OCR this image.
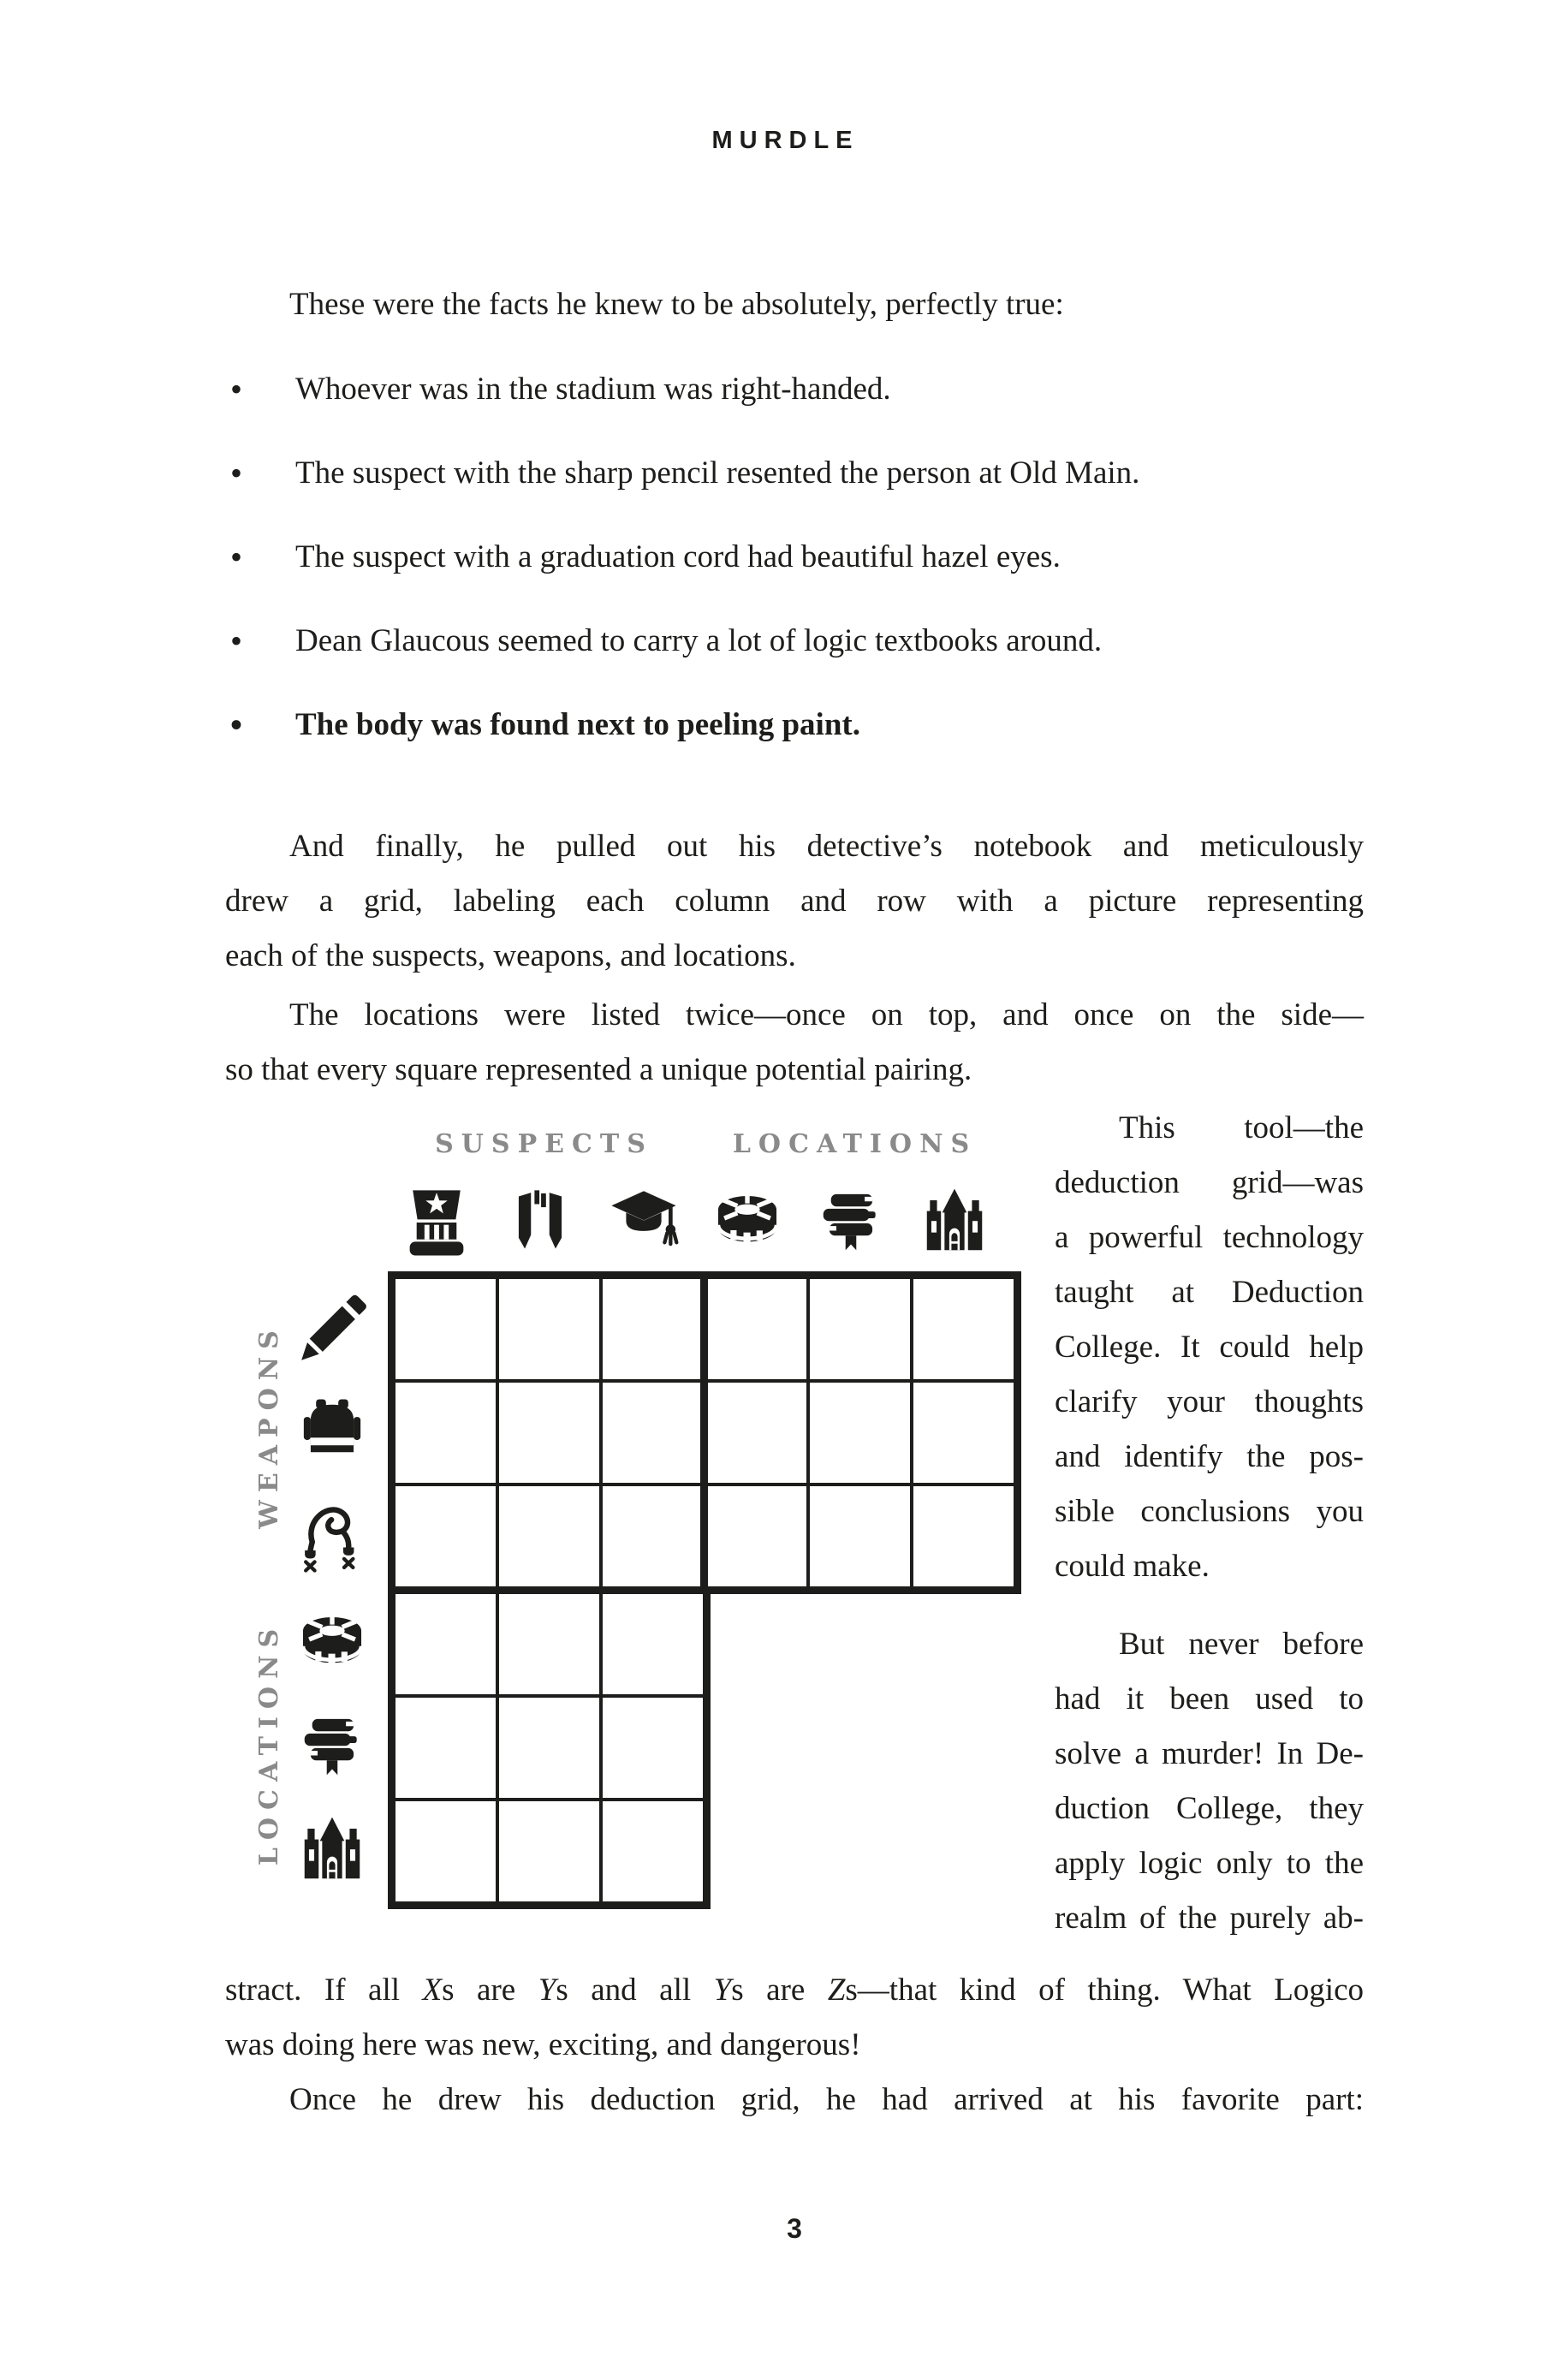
MURDLE

These were the facts he knew to be absolutely, perfectly true:

• Whoever was in the stadium was right-handed.
• The suspect with the sharp pencil resented the person at Old Main.
• The suspect with a graduation cord had beautiful hazel eyes.
• Dean Glaucous seemed to carry a lot of logic textbooks around.
• The body was found next to peeling paint.
And finally, he pulled out his detective’s notebook and meticulously
drew a grid, labeling each column and row with a picture representing
each of the suspects, weapons, and locations.
The locations were listed twice—once on top, and once on the side—
so that every square represented a unique potential pairing.
SUSPECTS	LOCATIONS
WEAPONS
LOCATIONS
This tool—the
deduction grid—was
a powerful technology
taught at Deduction
College. It could help
clarify your thoughts
and identify the pos-
sible conclusions you
could make.
But never before
had it been used to
solve a murder! In De-
duction College, they
apply logic only to the
realm of the purely ab-
stract. If all Xs are Ys and all Ys are Zs—that kind of thing. What Logico
was doing here was new, exciting, and dangerous!
Once he drew his deduction grid, he had arrived at his favorite part:
3
